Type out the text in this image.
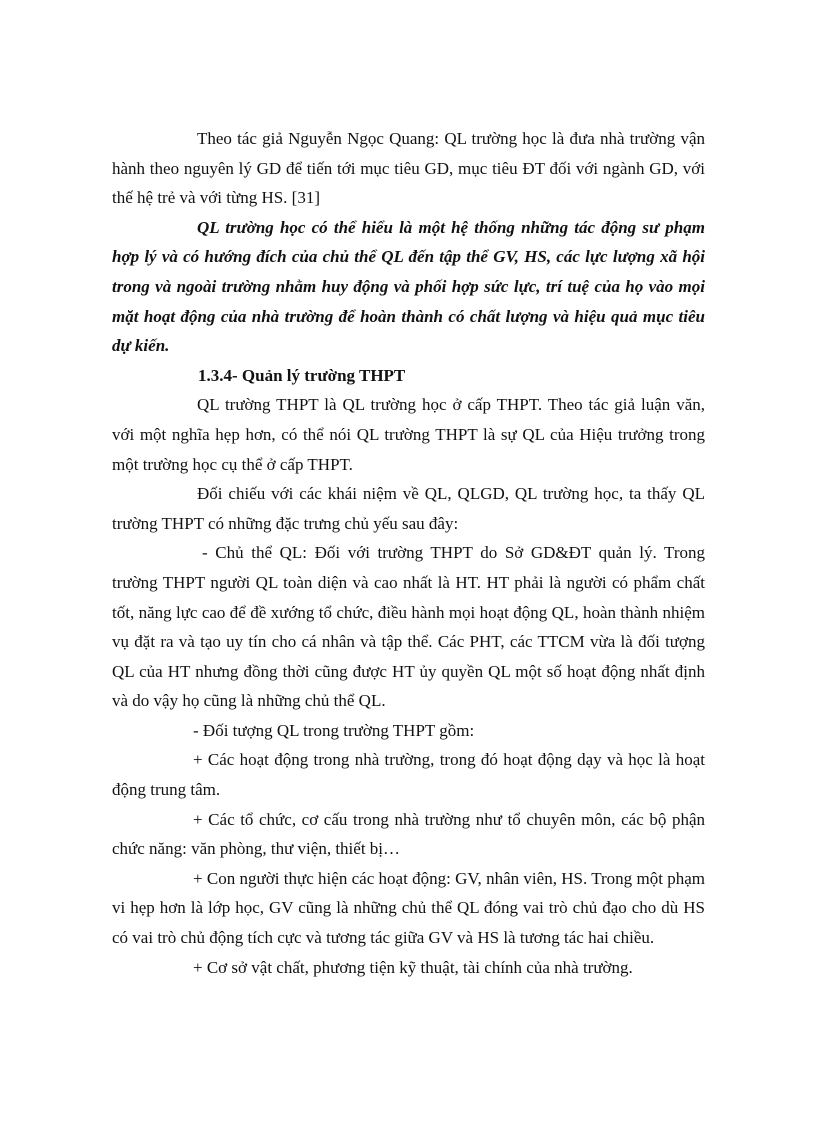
Theo tác giả Nguyễn Ngọc Quang: QL trường học là đưa nhà trường vận hành theo nguyên lý GD để tiến tới mục tiêu GD, mục tiêu ĐT đối với ngành GD, với thế hệ trẻ và với từng HS. [31]

QL trường học có thể hiểu là một hệ thống những tác động sư phạm hợp lý và có hướng đích của chủ thể QL đến tập thể GV, HS, các lực lượng xã hội trong và ngoài trường nhằm huy động và phối hợp sức lực, trí tuệ của họ vào mọi mặt hoạt động của nhà trường để hoàn thành có chất lượng và hiệu quả mục tiêu dự kiến.

1.3.4- Quản lý trường THPT

QL trường THPT là QL trường học ở cấp THPT. Theo tác giả luận văn, với một nghĩa hẹp hơn, có thể nói QL trường THPT là sự QL của Hiệu trưởng trong một trường học cụ thể ở cấp THPT.

Đối chiếu với các khái niệm về QL, QLGD, QL trường học, ta thấy QL trường THPT có những đặc trưng chủ yếu sau đây:

- Chủ thể QL: Đối với trường THPT do Sở GD&ĐT quản lý. Trong trường THPT người QL toàn diện và cao nhất là HT. HT phải là người có phẩm chất tốt, năng lực cao để đề xướng tổ chức, điều hành mọi hoạt động QL, hoàn thành nhiệm vụ đặt ra và tạo uy tín cho cá nhân và tập thể. Các PHT, các TTCM vừa là đối tượng QL của HT nhưng đồng thời cũng được HT ủy quyền QL một số hoạt động nhất định và do vậy họ cũng là những chủ thể QL.

- Đối tượng QL trong trường THPT gồm:

+ Các hoạt động trong nhà trường, trong đó hoạt động dạy và học là hoạt động trung tâm.

+ Các tổ chức, cơ cấu trong nhà trường như tổ chuyên môn, các bộ phận chức năng: văn phòng, thư viện, thiết bị…

+ Con người thực hiện các hoạt động: GV, nhân viên, HS. Trong một phạm vi hẹp hơn là lớp học, GV cũng là những chủ thể QL đóng vai trò chủ đạo cho dù HS có vai trò chủ động tích cực và tương tác giữa GV và HS là tương tác hai chiều.

+ Cơ sở vật chất, phương tiện kỹ thuật, tài chính của nhà trường.
